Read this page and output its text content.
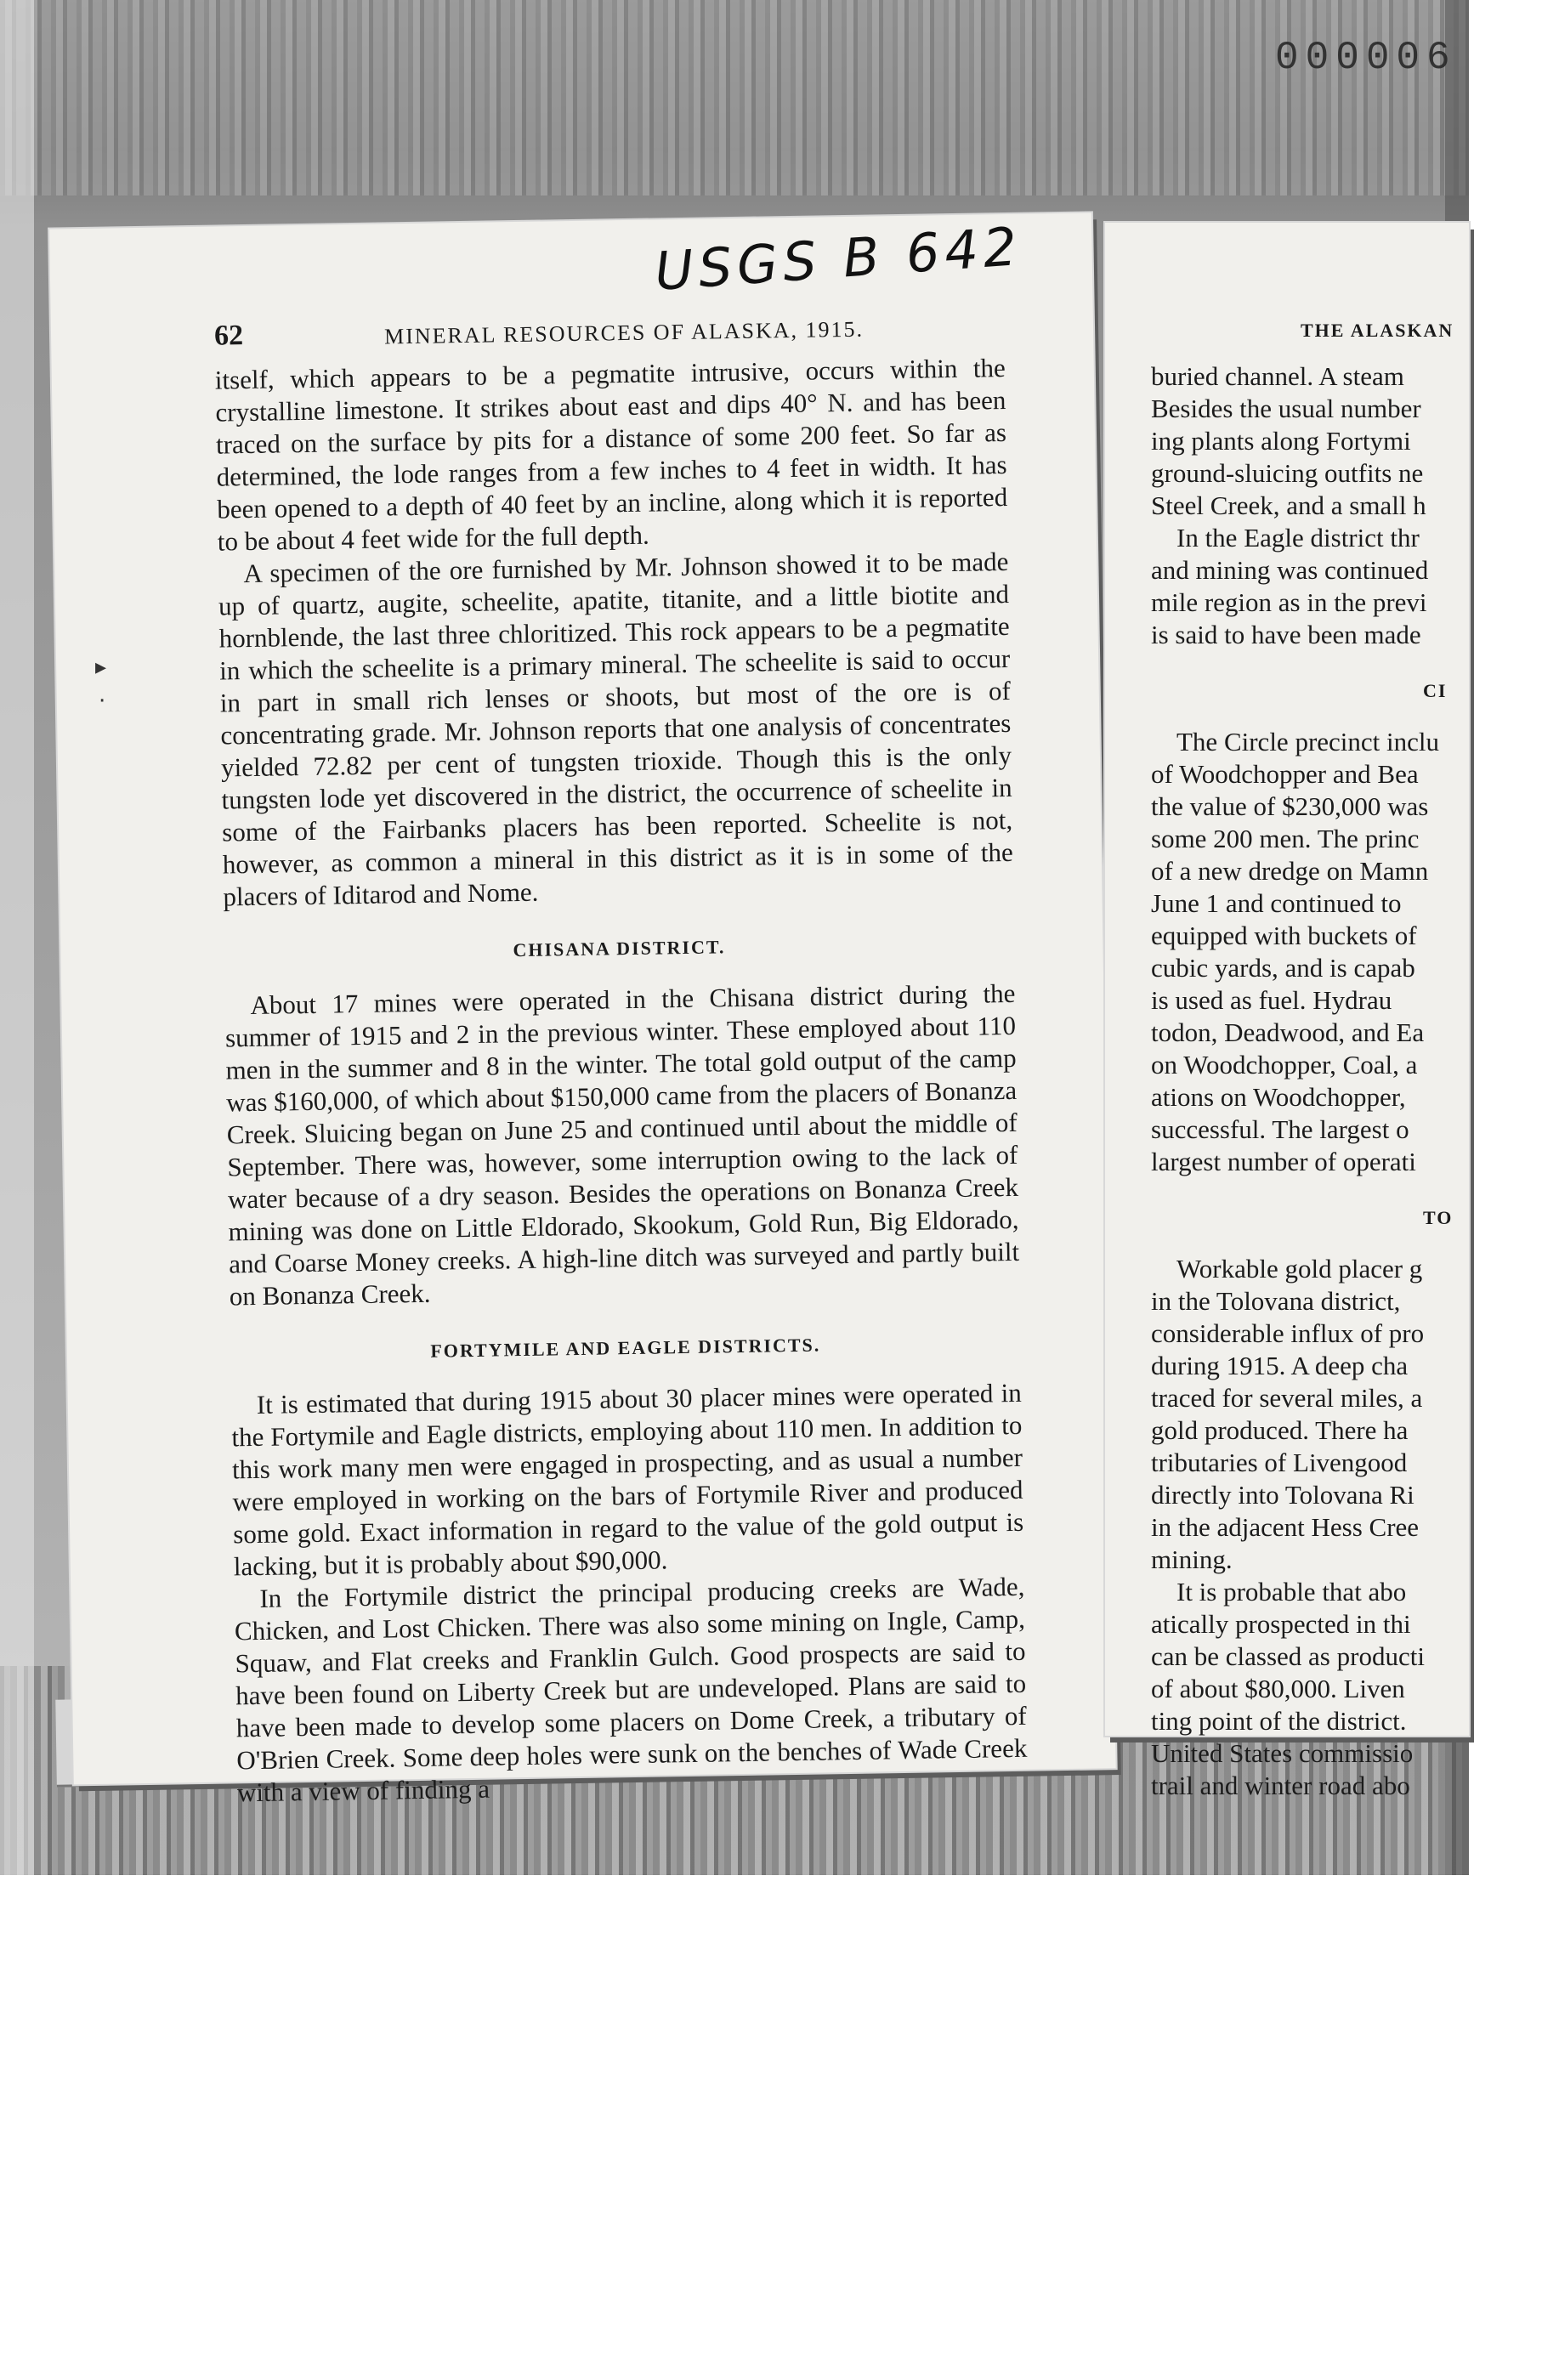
000006
62	MINERAL RESOURCES OF ALASKA, 1915.

itself, which appears to be a pegmatite intrusive, occurs within the crystalline limestone. It strikes about east and dips 40° N. and has been traced on the surface by pits for a distance of some 200 feet. So far as determined, the lode ranges from a few inches to 4 feet in width. It has been opened to a depth of 40 feet by an incline, along which it is reported to be about 4 feet wide for the full depth.

A specimen of the ore furnished by Mr. Johnson showed it to be made up of quartz, augite, scheelite, apatite, titanite, and a little biotite and hornblende, the last three chloritized. This rock appears to be a pegmatite in which the scheelite is a primary mineral. The scheelite is said to occur in part in small rich lenses or shoots, but most of the ore is of concentrating grade. Mr. Johnson reports that one analysis of concentrates yielded 72.82 per cent of tungsten trioxide. Though this is the only tungsten lode yet discovered in the district, the occurrence of scheelite in some of the Fairbanks placers has been reported. Scheelite is not, however, as common a mineral in this district as it is in some of the placers of Iditarod and Nome.

CHISANA DISTRICT.

About 17 mines were operated in the Chisana district during the summer of 1915 and 2 in the previous winter. These employed about 110 men in the summer and 8 in the winter. The total gold output of the camp was $160,000, of which about $150,000 came from the placers of Bonanza Creek. Sluicing began on June 25 and continued until about the middle of September. There was, however, some interruption owing to the lack of water because of a dry season. Besides the operations on Bonanza Creek mining was done on Little Eldorado, Skookum, Gold Run, Big Eldorado, and Coarse Money creeks. A high-line ditch was surveyed and partly built on Bonanza Creek.

FORTYMILE AND EAGLE DISTRICTS.

It is estimated that during 1915 about 30 placer mines were operated in the Fortymile and Eagle districts, employing about 110 men. In addition to this work many men were engaged in prospecting, and as usual a number were employed in working on the bars of Fortymile River and produced some gold. Exact information in regard to the value of the gold output is lacking, but it is probably about $90,000.

In the Fortymile district the principal producing creeks are Wade, Chicken, and Lost Chicken. There was also some mining on Ingle, Camp, Squaw, and Flat creeks and Franklin Gulch. Good prospects are said to have been found on Liberty Creek but are undeveloped. Plans are said to have been made to develop some placers on Dome Creek, a tributary of O'Brien Creek. Some deep holes were sunk on the benches of Wade Creek with a view of finding a

USGS B 642
▸
·
THE ALASKAN

buried channel. A steam

Besides the usual number

ing plants along Fortymi

ground-sluicing outfits ne

Steel Creek, and a small h

In the Eagle district thr

and mining was continued

mile region as in the previ

is said to have been made

CI

The Circle precinct inclu

of Woodchopper and Bea

the value of $230,000 was

some 200 men. The princ

of a new dredge on Mamn

June 1 and continued to

equipped with buckets of

cubic yards, and is capab

is used as fuel. Hydrau

todon, Deadwood, and Ea

on Woodchopper, Coal, a

ations on Woodchopper,

successful. The largest o

largest number of operati

TO

Workable gold placer g

in the Tolovana district,

considerable influx of pro

during 1915. A deep cha

traced for several miles, a

gold produced. There ha

tributaries of Livengood

directly into Tolovana Ri

in the adjacent Hess Cree

mining.

It is probable that abo

atically prospected in thi

can be classed as producti

of about $80,000. Liven

ting point of the district.

United States commissio

trail and winter road abo
